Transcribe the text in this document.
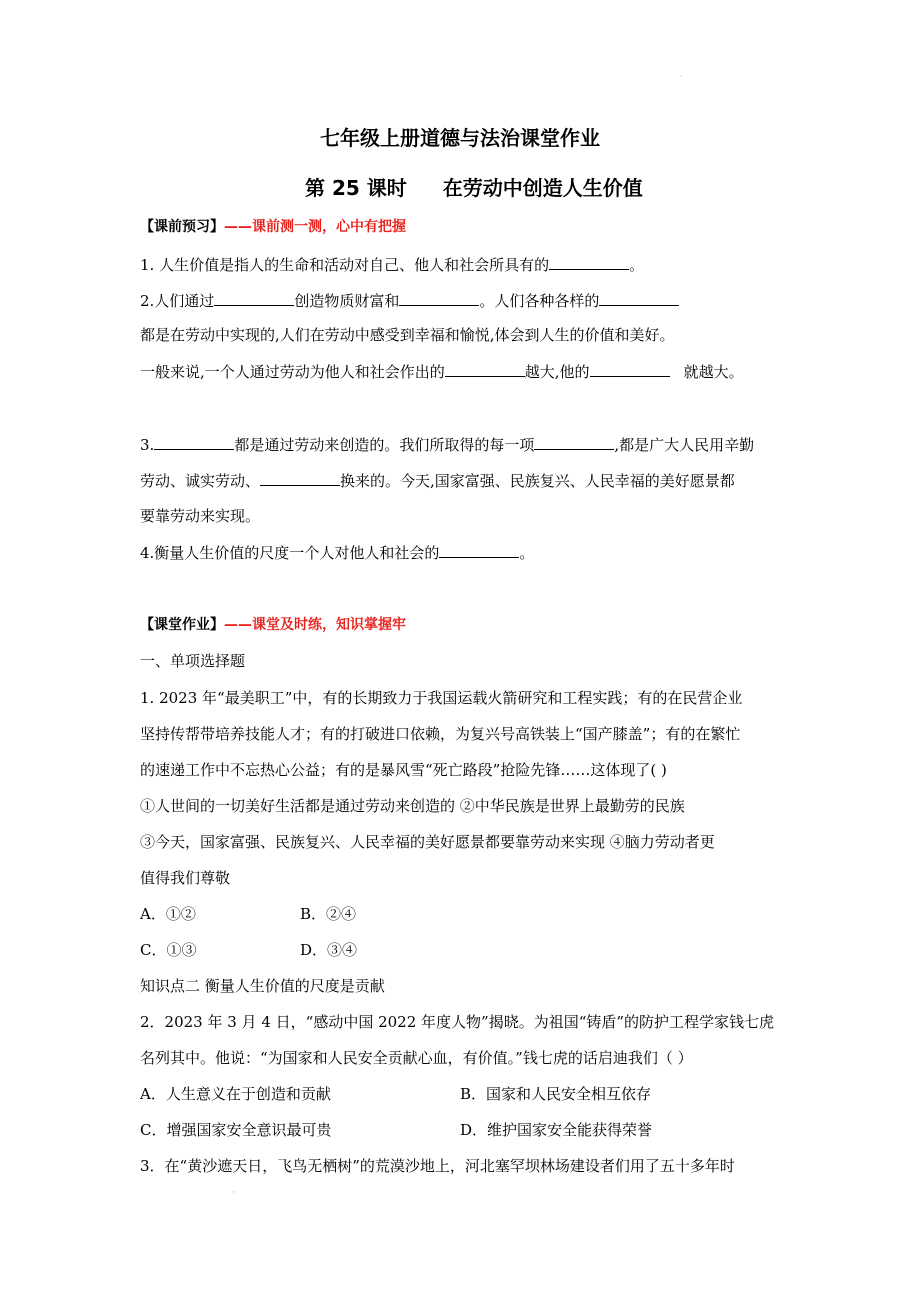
·
七年级上册道德与法治课堂作业
第 25 课时 在劳动中创造人生价值
【课前预习】——课前测一测，心中有把握
1. 人生价值是指人的生命和活动对自己、他人和社会所具有的	。
2.人们通过	创造物质财富和	。人们各种各样的
都是在劳动中实现的,人们在劳动中感受到幸福和愉悦,体会到人生的价值和美好。
一般来说,一个人通过劳动为他人和社会作出的	越大,他的	就越大。
3.	都是通过劳动来创造的。我们所取得的每一项	,都是广大人民用辛勤
劳动、诚实劳动、	换来的。今天,国家富强、民族复兴、人民幸福的美好愿景都
要靠劳动来实现。
4.衡量人生价值的尺度一个人对他人和社会的	。
【课堂作业】——课堂及时练，知识掌握牢
一、单项选择题
1. 2023 年“最美职工”中，有的长期致力于我国运载火箭研究和工程实践；有的在民营企业
坚持传帮带培养技能人才；有的打破进口依赖，为复兴号高铁装上“国产膝盖”；有的在繁忙
的速递工作中不忘热心公益；有的是暴风雪“死亡路段”抢险先锋……这体现了( )
①人世间的一切美好生活都是通过劳动来创造的 ②中华民族是世界上最勤劳的民族
③今天，国家富强、民族复兴、人民幸福的美好愿景都要靠劳动来实现 ④脑力劳动者更
值得我们尊敬
A．①②	B．②④
C．①③	D．③④
知识点二 衡量人生价值的尺度是贡献
2．2023 年 3 月 4 日，“感动中国 2022 年度人物”揭晓。为祖国“铸盾”的防护工程学家钱七虎
名列其中。他说：“为国家和人民安全贡献心血，有价值。”钱七虎的话启迪我们（ ）
A．人生意义在于创造和贡献	B．国家和人民安全相互依存
C．增强国家安全意识最可贵	D．维护国家安全能获得荣誉
3．在“黄沙遮天日，飞鸟无栖树”的荒漠沙地上，河北塞罕坝林场建设者们用了五十多年时
·
